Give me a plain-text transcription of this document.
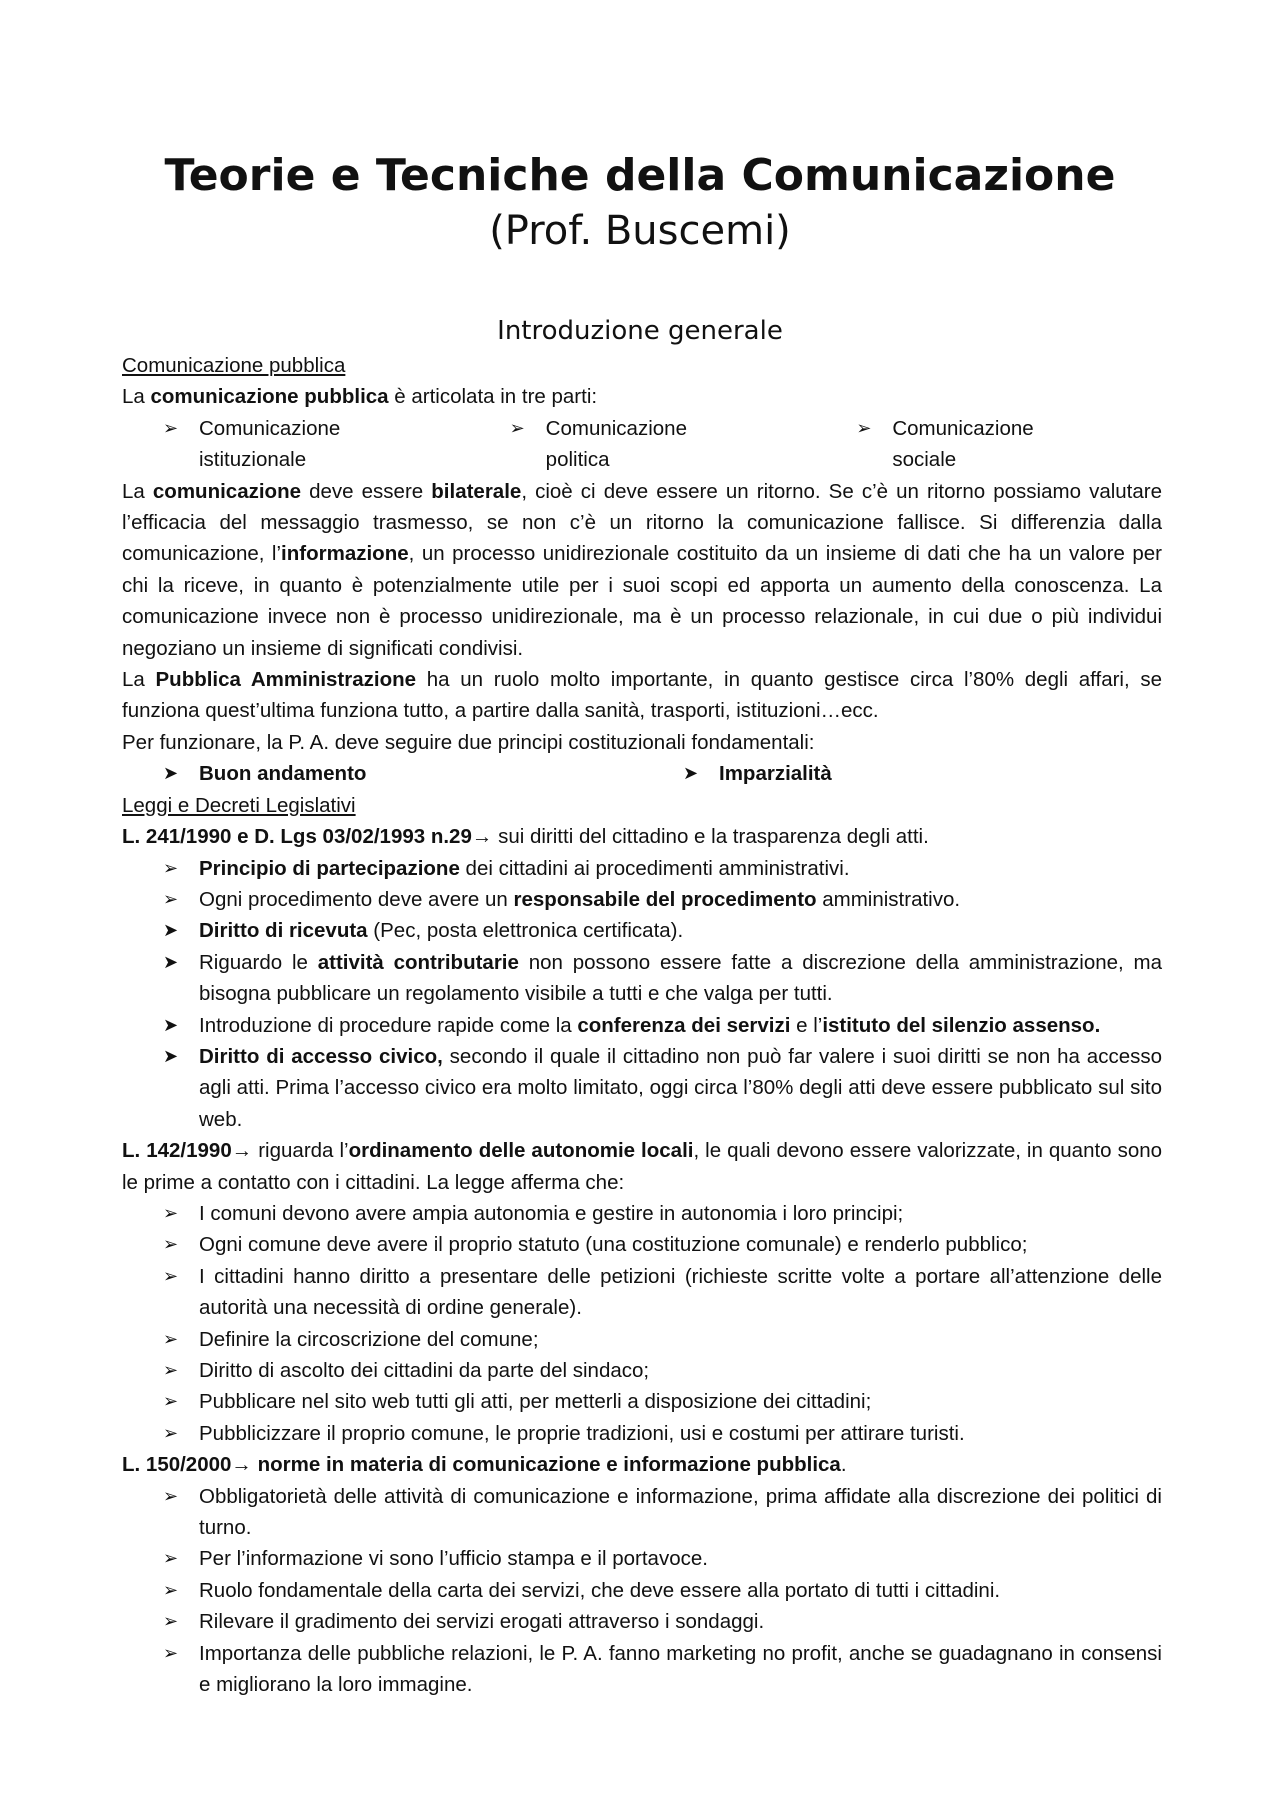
Teorie e Tecniche della Comunicazione
(Prof. Buscemi)
Introduzione generale

Comunicazione pubblica

La comunicazione pubblica è articolata in tre parti:

➢ Comunicazione istituzionale
➢ Comunicazione politica
➢ Comunicazione sociale

La comunicazione deve essere bilaterale, cioè ci deve essere un ritorno. Se c’è un ritorno possiamo valutare l’efficacia del messaggio trasmesso, se non c’è un ritorno la comunicazione fallisce. Si differenzia dalla comunicazione, l’informazione, un processo unidirezionale costituito da un insieme di dati che ha un valore per chi la riceve, in quanto è potenzialmente utile per i suoi scopi ed apporta un aumento della conoscenza. La comunicazione invece non è processo unidirezionale, ma è un processo relazionale, in cui due o più individui negoziano un insieme di significati condivisi.

La Pubblica Amministrazione ha un ruolo molto importante, in quanto gestisce circa l’80% degli affari, se funziona quest’ultima funziona tutto, a partire dalla sanità, trasporti, istituzioni…ecc.

Per funzionare, la P. A. deve seguire due principi costituzionali fondamentali:

➤ Buon andamento	➤ Imparzialità

Leggi e Decreti Legislativi

L. 241/1990 e D. Lgs 03/02/1993 n.29→ sui diritti del cittadino e la trasparenza degli atti.

➢ Principio di partecipazione dei cittadini ai procedimenti amministrativi.
➢ Ogni procedimento deve avere un responsabile del procedimento amministrativo.
➤ Diritto di ricevuta (Pec, posta elettronica certificata).
➤ Riguardo le attività contributarie non possono essere fatte a discrezione della amministrazione, ma bisogna pubblicare un regolamento visibile a tutti e che valga per tutti.
➤ Introduzione di procedure rapide come la conferenza dei servizi e l’istituto del silenzio assenso.
➤ Diritto di accesso civico, secondo il quale il cittadino non può far valere i suoi diritti se non ha accesso agli atti. Prima l’accesso civico era molto limitato, oggi circa l’80% degli atti deve essere pubblicato sul sito web.

L. 142/1990→ riguarda l’ordinamento delle autonomie locali, le quali devono essere valorizzate, in quanto sono le prime a contatto con i cittadini. La legge afferma che:

➢ I comuni devono avere ampia autonomia e gestire in autonomia i loro principi;
➢ Ogni comune deve avere il proprio statuto (una costituzione comunale) e renderlo pubblico;
➢ I cittadini hanno diritto a presentare delle petizioni (richieste scritte volte a portare all’attenzione delle autorità una necessità di ordine generale).
➢ Definire la circoscrizione del comune;
➢ Diritto di ascolto dei cittadini da parte del sindaco;
➢ Pubblicare nel sito web tutti gli atti, per metterli a disposizione dei cittadini;
➢ Pubblicizzare il proprio comune, le proprie tradizioni, usi e costumi per attirare turisti.

L. 150/2000→ norme in materia di comunicazione e informazione pubblica.

➢ Obbligatorietà delle attività di comunicazione e informazione, prima affidate alla discrezione dei politici di turno.
➢ Per l’informazione vi sono l’ufficio stampa e il portavoce.
➢ Ruolo fondamentale della carta dei servizi, che deve essere alla portato di tutti i cittadini.
➢ Rilevare il gradimento dei servizi erogati attraverso i sondaggi.
➢ Importanza delle pubbliche relazioni, le P. A. fanno marketing no profit, anche se guadagnano in consensi e migliorano la loro immagine.
